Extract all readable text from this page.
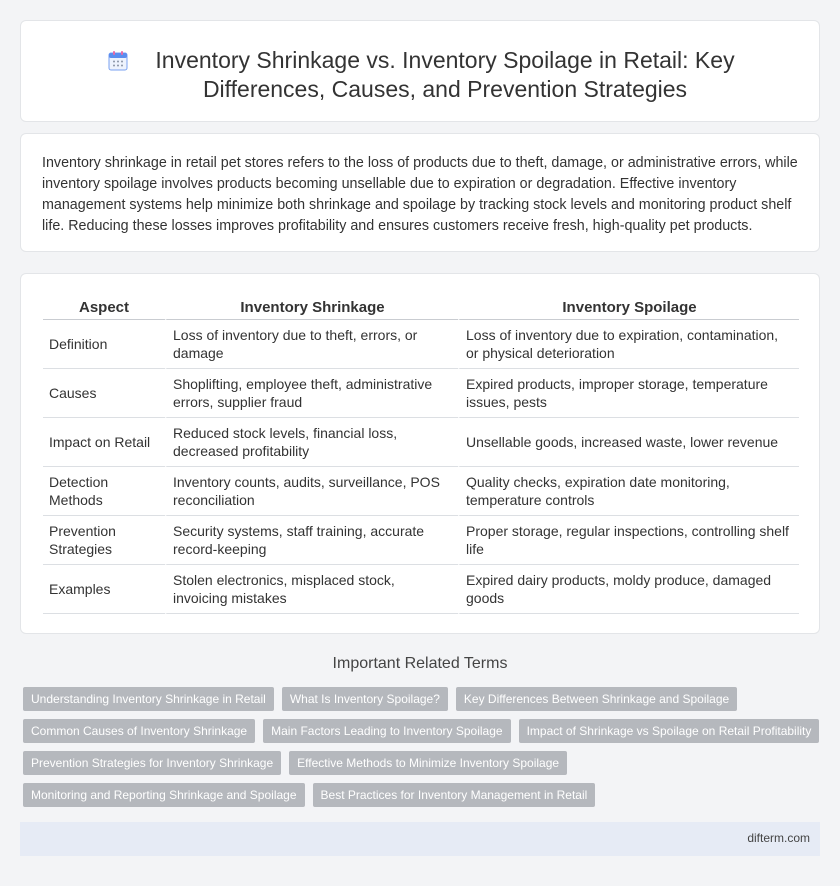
Inventory Shrinkage vs. Inventory Spoilage in Retail: Key Differences, Causes, and Prevention Strategies

Inventory shrinkage in retail pet stores refers to the loss of products due to theft, damage, or administrative errors, while inventory spoilage involves products becoming unsellable due to expiration or degradation. Effective inventory management systems help minimize both shrinkage and spoilage by tracking stock levels and monitoring product shelf life. Reducing these losses improves profitability and ensures customers receive fresh, high-quality pet products.

Aspect	Inventory Shrinkage	Inventory Spoilage
Definition	Loss of inventory due to theft, errors, or damage	Loss of inventory due to expiration, contamination, or physical deterioration
Causes	Shoplifting, employee theft, administrative errors, supplier fraud	Expired products, improper storage, temperature issues, pests
Impact on Retail	Reduced stock levels, financial loss, decreased profitability	Unsellable goods, increased waste, lower revenue
Detection Methods	Inventory counts, audits, surveillance, POS reconciliation	Quality checks, expiration date monitoring, temperature controls
Prevention Strategies	Security systems, staff training, accurate record-keeping	Proper storage, regular inspections, controlling shelf life
Examples	Stolen electronics, misplaced stock, invoicing mistakes	Expired dairy products, moldy produce, damaged goods
Important Related Terms
Understanding Inventory Shrinkage in Retail	What Is Inventory Spoilage?	Key Differences Between Shrinkage and Spoilage
Common Causes of Inventory Shrinkage	Main Factors Leading to Inventory Spoilage	Impact of Shrinkage vs Spoilage on Retail Profitability
Prevention Strategies for Inventory Shrinkage	Effective Methods to Minimize Inventory Spoilage
Monitoring and Reporting Shrinkage and Spoilage	Best Practices for Inventory Management in Retail
difterm.com
